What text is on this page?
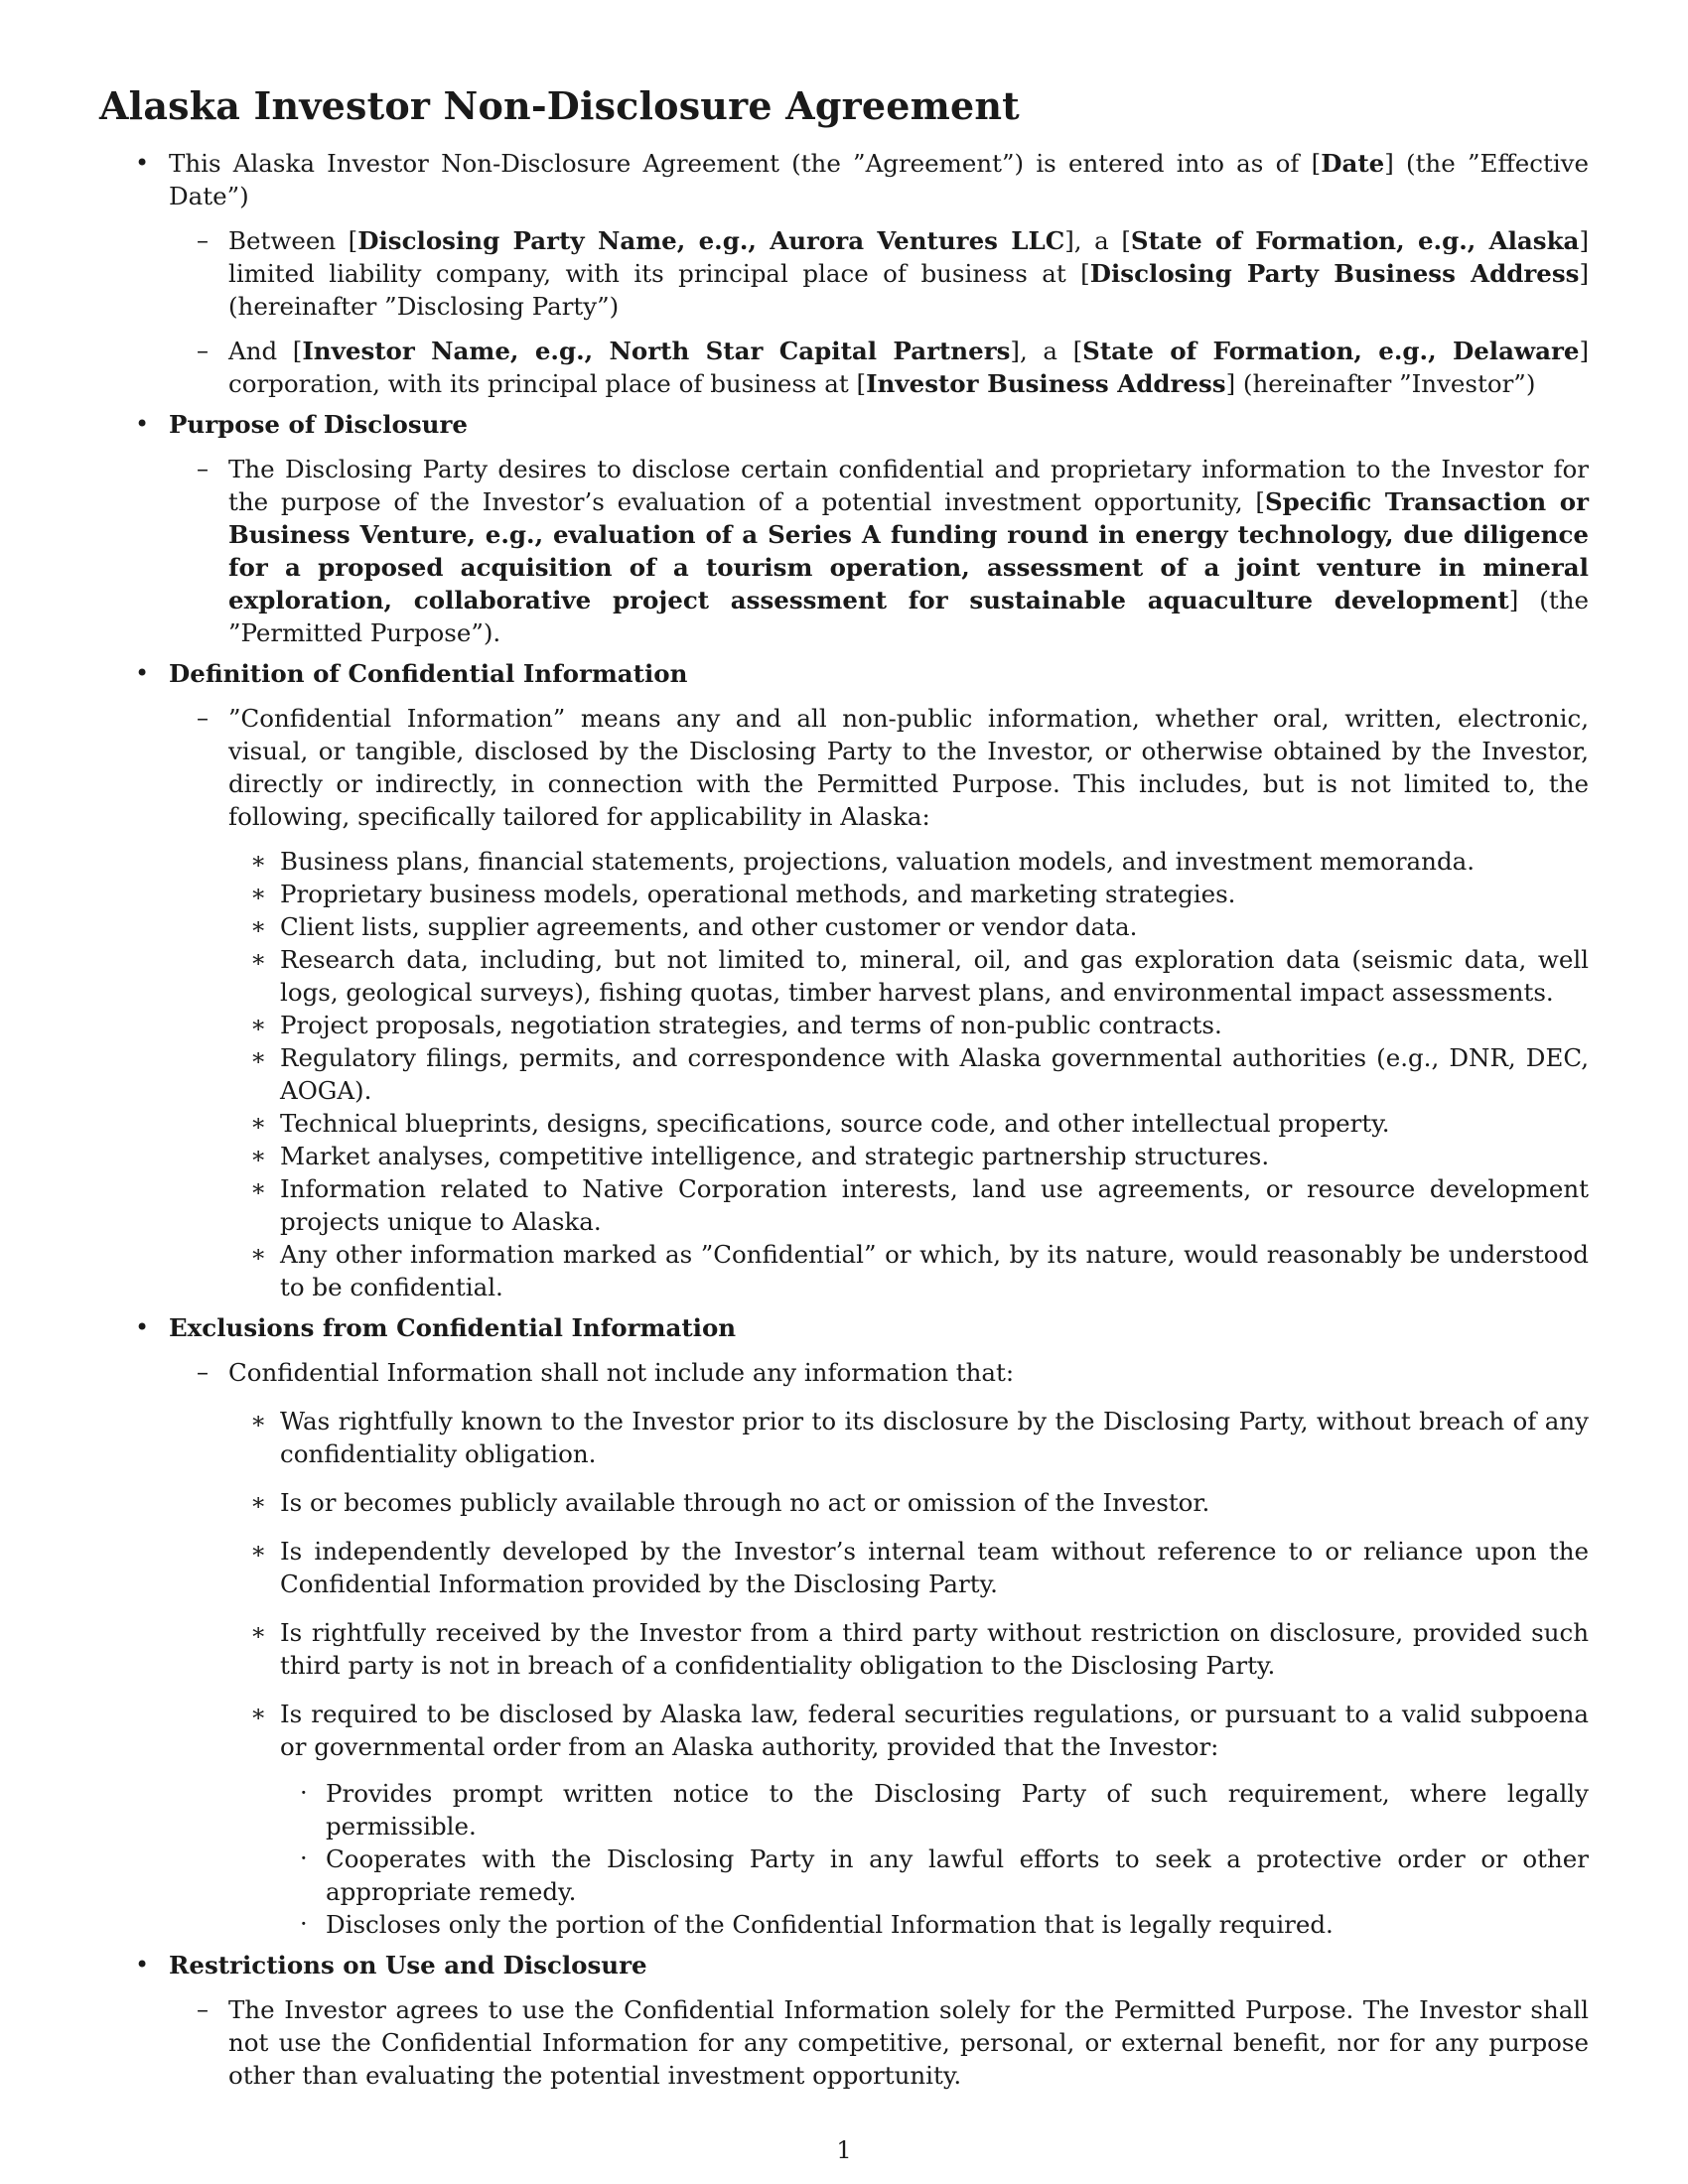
Alaska Investor Non-Disclosure Agreement
• This Alaska Investor Non-Disclosure Agreement (the ”Agreement”) is entered into as of [Date] (the ”Effective Date”)
– Between [Disclosing Party Name, e.g., Aurora Ventures LLC], a [State of Formation, e.g., Alaska] limited liability company, with its principal place of business at [Disclosing Party Business Address] (hereinafter ”Disclosing Party”)
– And [Investor Name, e.g., North Star Capital Partners], a [State of Formation, e.g., Delaware] corporation, with its principal place of business at [Investor Business Address] (hereinafter ”Investor”)
• Purpose of Disclosure
– The Disclosing Party desires to disclose certain confidential and proprietary information to the Investor for the purpose of the Investor’s evaluation of a potential investment opportunity, [Specific Transaction or Business Venture, e.g., evaluation of a Series A funding round in energy technology, due diligence for a proposed acquisition of a tourism operation, assessment of a joint venture in mineral exploration, collaborative project assessment for sustainable aquaculture development] (the ”Permitted Purpose”).
• Definition of Confidential Information
– ”Confidential Information” means any and all non-public information, whether oral, written, electronic, visual, or tangible, disclosed by the Disclosing Party to the Investor, or otherwise obtained by the Investor, directly or indirectly, in connection with the Permitted Purpose. This includes, but is not limited to, the following, specifically tailored for applicability in Alaska:
∗ Business plans, financial statements, projections, valuation models, and investment memoranda.
∗ Proprietary business models, operational methods, and marketing strategies.
∗ Client lists, supplier agreements, and other customer or vendor data.
∗ Research data, including, but not limited to, mineral, oil, and gas exploration data (seismic data, well logs, geological surveys), fishing quotas, timber harvest plans, and environmental impact assessments.
∗ Project proposals, negotiation strategies, and terms of non-public contracts.
∗ Regulatory filings, permits, and correspondence with Alaska governmental authorities (e.g., DNR, DEC, AOGA).
∗ Technical blueprints, designs, specifications, source code, and other intellectual property.
∗ Market analyses, competitive intelligence, and strategic partnership structures.
∗ Information related to Native Corporation interests, land use agreements, or resource development projects unique to Alaska.
∗ Any other information marked as ”Confidential” or which, by its nature, would reasonably be understood to be confidential.
• Exclusions from Confidential Information
– Confidential Information shall not include any information that:
∗ Was rightfully known to the Investor prior to its disclosure by the Disclosing Party, without breach of any confidentiality obligation.
∗ Is or becomes publicly available through no act or omission of the Investor.
∗ Is independently developed by the Investor’s internal team without reference to or reliance upon the Confidential Information provided by the Disclosing Party.
∗ Is rightfully received by the Investor from a third party without restriction on disclosure, provided such third party is not in breach of a confidentiality obligation to the Disclosing Party.
∗ Is required to be disclosed by Alaska law, federal securities regulations, or pursuant to a valid subpoena or governmental order from an Alaska authority, provided that the Investor:
· Provides prompt written notice to the Disclosing Party of such requirement, where legally permissible.
· Cooperates with the Disclosing Party in any lawful efforts to seek a protective order or other appropriate remedy.
· Discloses only the portion of the Confidential Information that is legally required.
• Restrictions on Use and Disclosure
– The Investor agrees to use the Confidential Information solely for the Permitted Purpose. The Investor shall not use the Confidential Information for any competitive, personal, or external benefit, nor for any purpose other than evaluating the potential investment opportunity.
1
